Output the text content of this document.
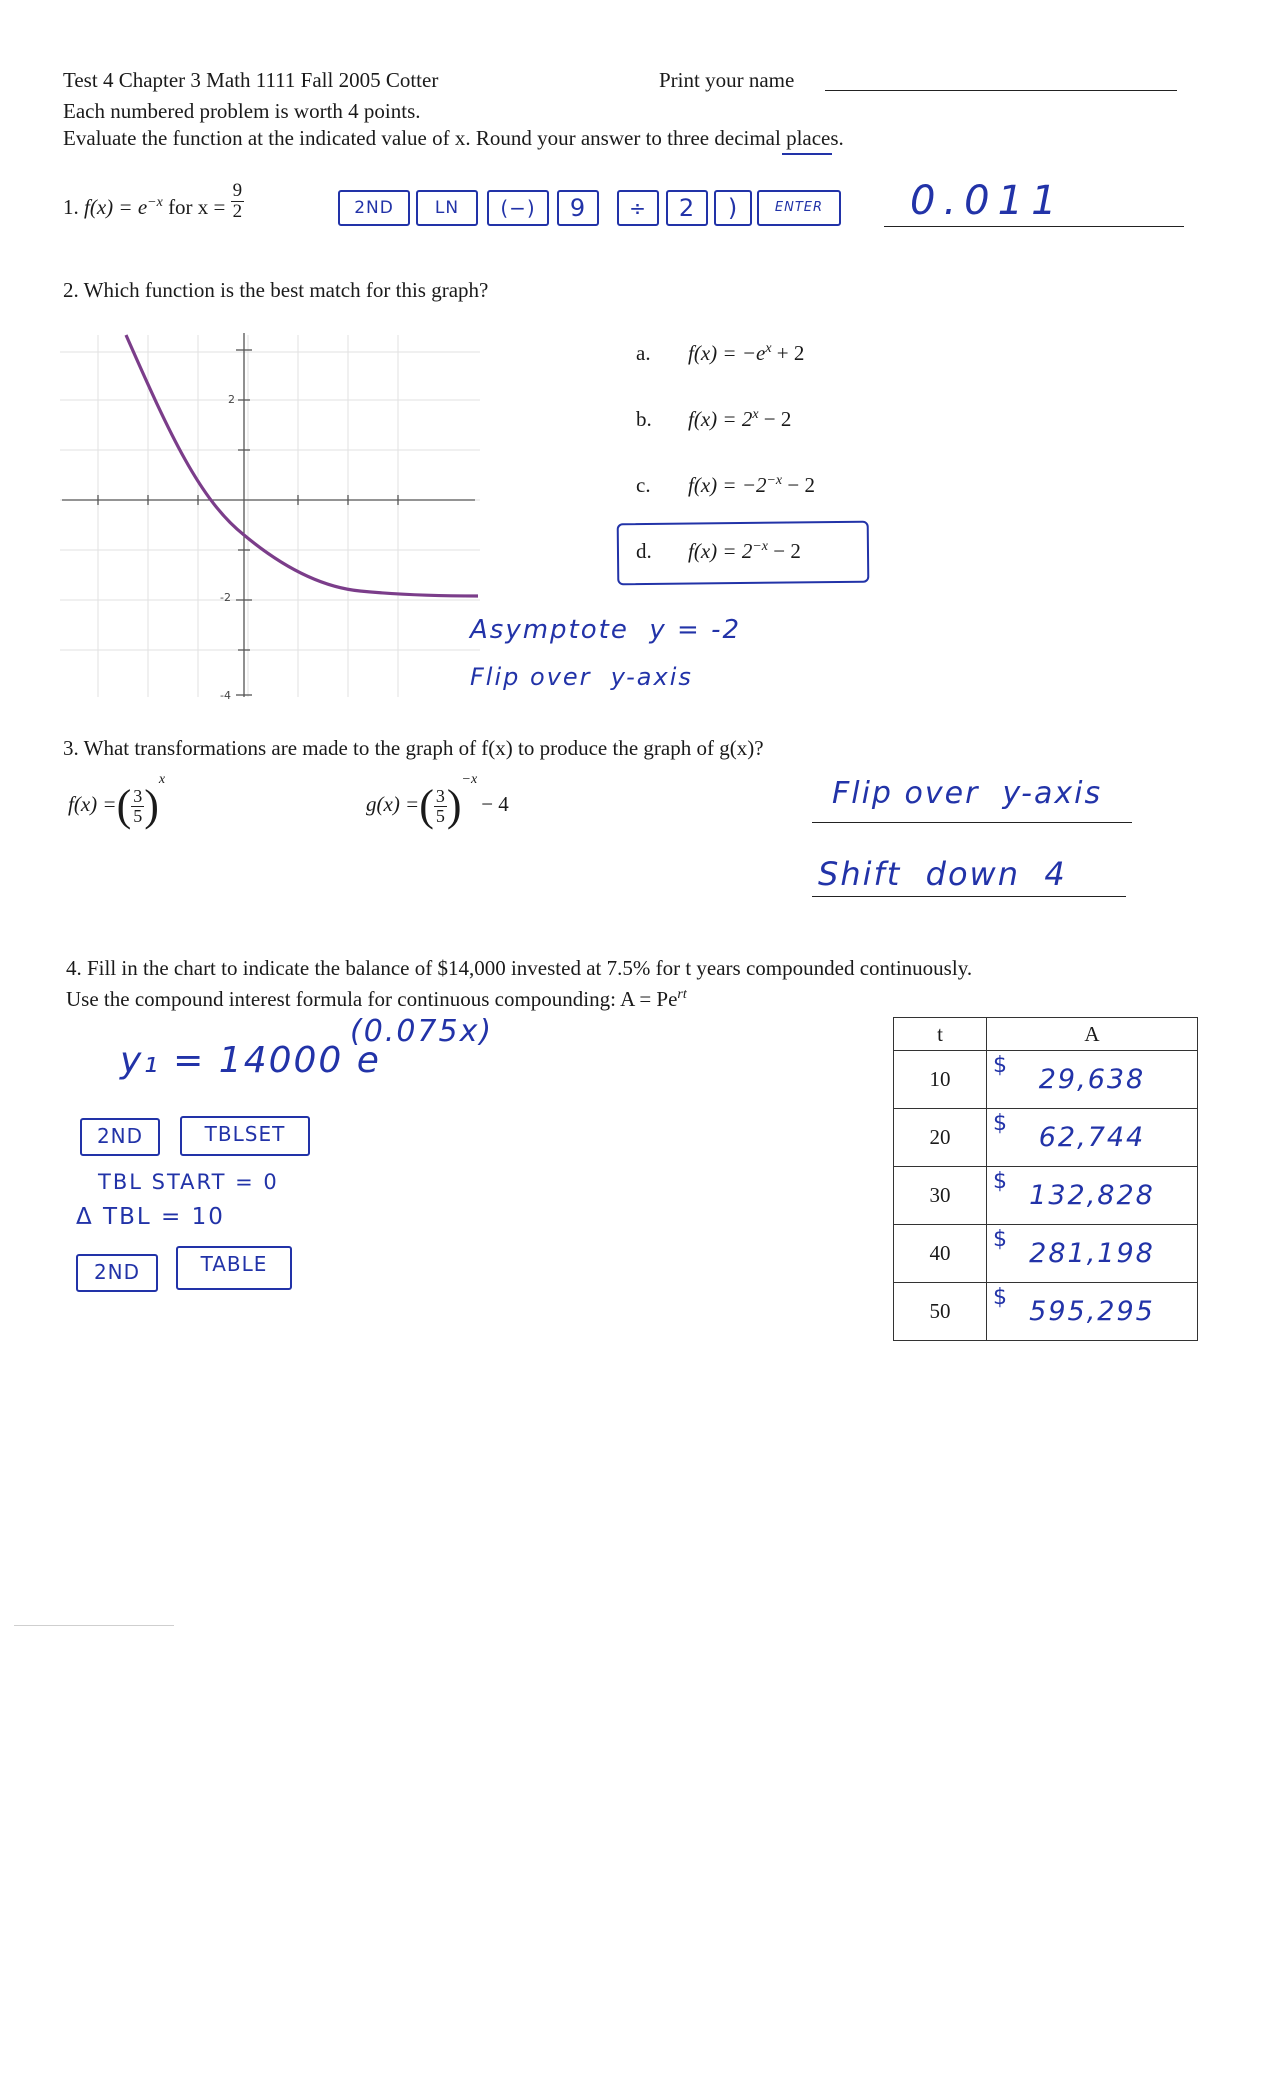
Test 4 Chapter 3 Math 1111 Fall 2005 Cotter	Print your name
Each numbered problem is worth 4 points.
Evaluate the function at the indicated value of x. Round your answer to three decimal places.
1. $f(x) = e^{-x}$ for $x = \frac{9}{2}$	2ND	LN	(−)	9	÷	2	)	ENTER	0.011
2. Which function is the best match for this graph?
2
-2
-4
a. $f(x) = -e^x + 2$
b. $f(x) = 2^x - 2$
c. $f(x) = -2^{-x} - 2$
d. $f(x) = 2^{-x} - 2$
Asymptote  y = -2
Flip over  y-axis
3. What transformations are made to the graph of f(x) to produce the graph of g(x)?
f(x) =( $\frac{3}{5} )^x$
g(x) =( $\frac{3}{5} )^{-x}- 4$	Flip over  y-axis
Shift  down  4
4. Fill in the chart to indicate the balance of $14,000 invested at 7.5% for t years compounded continuously.
Use the compound interest formula for continuous compounding: $A = Pe^{rt}$
y₁ = 14000 e
(0.075x)
2ND	TBLSET
TBL START = 0
Δ TBL = 10
2ND	TABLE
t	A
10	$ 29,638
20	$ 62,744
30	$ 132,828
40	$ 281,198
50	$ 595,295
